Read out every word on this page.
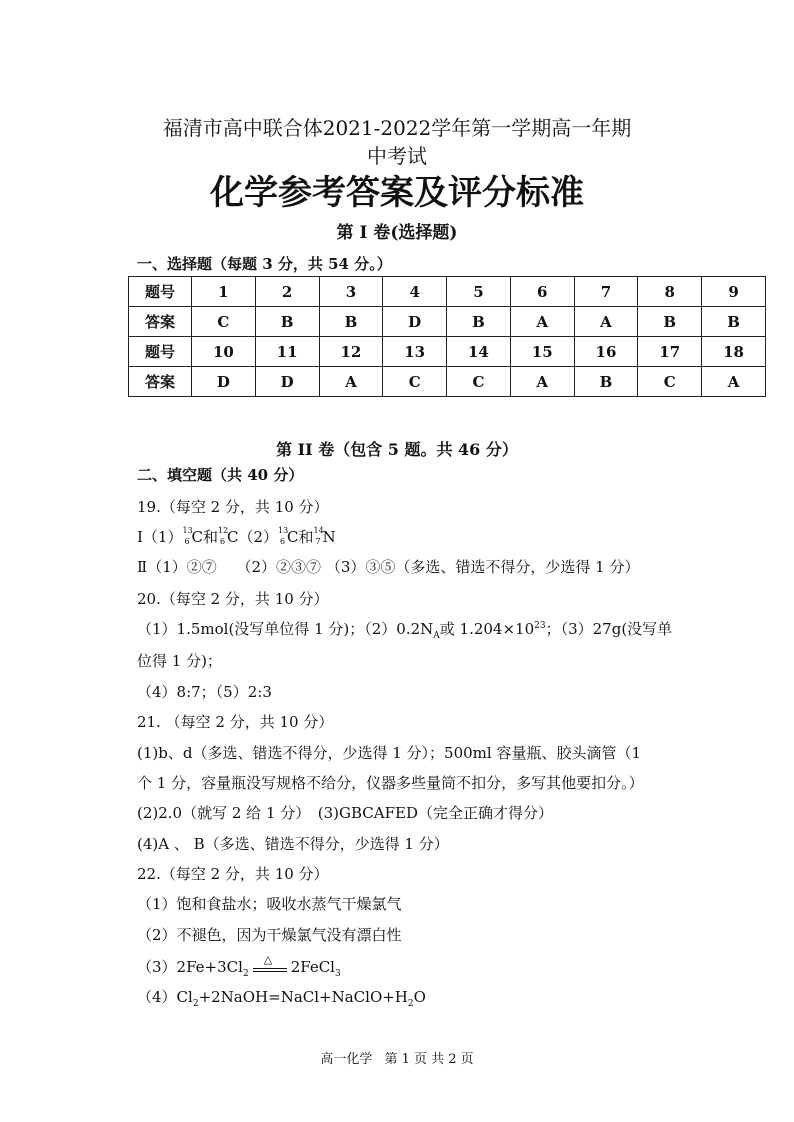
福清市高中联合体2021-2022学年第一学期高一年期
中考试
化学参考答案及评分标准
第 I 卷(选择题)
一、选择题（每题 3 分，共 54 分。）
题号	1	2	3	4	5	6	7	8	9
答案	C	B	B	D	B	A	A	B	B
题号	10	11	12	13	14	15	16	17	18
答案	D	D	A	C	C	A	B	C	A
第 II 卷（包含 5 题。共 46 分）
二、填空题（共 40 分）
19.（每空 2 分，共 10 分）
Ⅰ（1） 13
6 C和 12
6 C（2） 13
6 C和 14
7 N
Ⅱ（1）②⑦　 （2）②③⑦ （3）③⑤（多选、错选不得分，少选得 1 分）
20.（每空 2 分，共 10 分）
（1）1.5mol(没写单位得 1 分)；$(2)0.2N_A$或 $1.204\times 10^{23}$；（3）27g(没写单
位得 1 分)；
（4）8:7；（5）2:3
21. （每空 2 分，共 10 分）
(1)b、d（多选、错选不得分，少选得 1 分）；500ml 容量瓶、胶头滴管（1
个 1 分，容量瓶没写规格不给分，仪器多些量筒不扣分，多写其他要扣分。）
(2)2.0（就写 2 给 1 分）　(3)GBCAFED（完全正确才得分）
(4)A 、 B（多选、错选不得分，少选得 1 分）
22.（每空 2 分，共 10 分）
（1）饱和食盐水；吸收水蒸气干燥氯气
（2）不褪色，因为干燥氯气没有漂白性
$(3)2Fe+3Cl_2$
△ 2FeCl$_3$
$(4)Cl_2+2NaOH=NaCl+NaClO+H_2O$
高一化学 第 1 页 共 2 页
